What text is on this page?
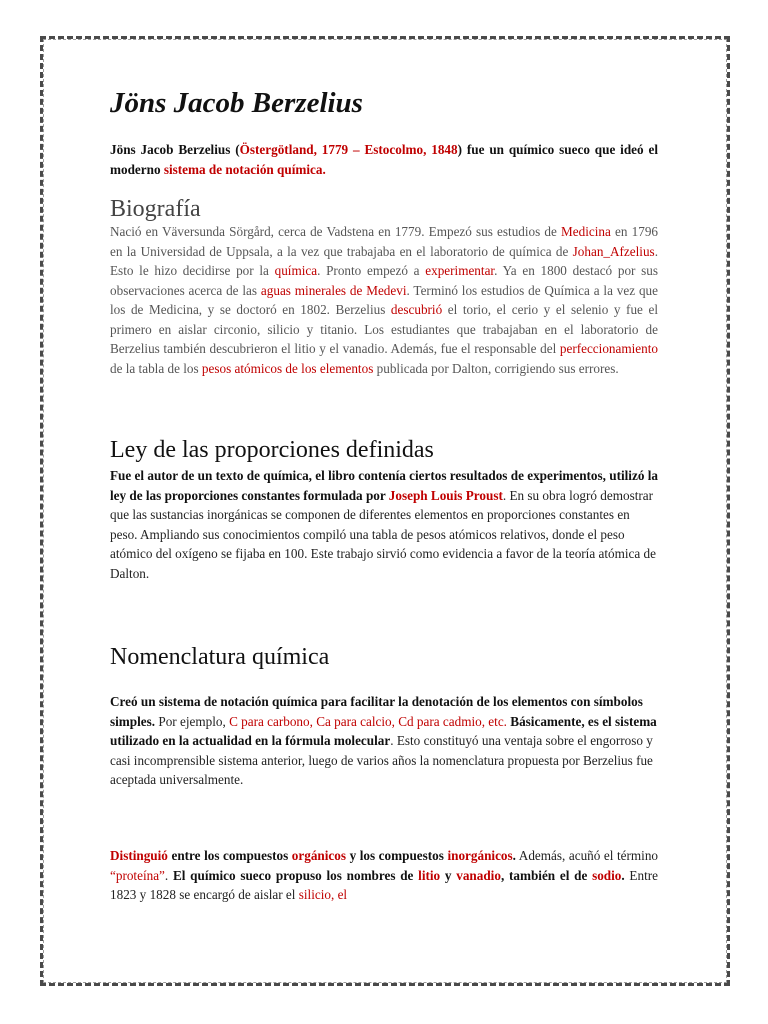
Jöns Jacob Berzelius

Jöns Jacob Berzelius (Östergötland, 1779 – Estocolmo, 1848) fue un químico sueco que ideó el moderno sistema de notación química.

Biografía

Nació en Väversunda Sörgård, cerca de Vadstena en 1779. Empezó sus estudios de Medicina en 1796 en la Universidad de Uppsala, a la vez que trabajaba en el laboratorio de química de Johan_Afzelius. Esto le hizo decidirse por la química. Pronto empezó a experimentar. Ya en 1800 destacó por sus observaciones acerca de las aguas minerales de Medevi. Terminó los estudios de Química a la vez que los de Medicina, y se doctoró en 1802. Berzelius descubrió el torio, el cerio y el selenio y fue el primero en aislar circonio, silicio y titanio. Los estudiantes que trabajaban en el laboratorio de Berzelius también descubrieron el litio y el vanadio. Además, fue el responsable del perfeccionamiento de la tabla de los pesos atómicos de los elementos publicada por Dalton, corrigiendo sus errores.

Ley de las proporciones definidas

Fue el autor de un texto de química, el libro contenía ciertos resultados de experimentos, utilizó la ley de las proporciones constantes formulada por Joseph Louis Proust. En su obra logró demostrar que las sustancias inorgánicas se componen de diferentes elementos en proporciones constantes en peso. Ampliando sus conocimientos compiló una tabla de pesos atómicos relativos, donde el peso atómico del oxígeno se fijaba en 100. Este trabajo sirvió como evidencia a favor de la teoría atómica de Dalton.

Nomenclatura química

Creó un sistema de notación química para facilitar la denotación de los elementos con símbolos simples. Por ejemplo, C para carbono, Ca para calcio, Cd para cadmio, etc. Básicamente, es el sistema utilizado en la actualidad en la fórmula molecular. Esto constituyó una ventaja sobre el engorroso y casi incomprensible sistema anterior, luego de varios años la nomenclatura propuesta por Berzelius fue aceptada universalmente.

Distinguió entre los compuestos orgánicos y los compuestos inorgánicos. Además, acuñó el término “proteína”. El químico sueco propuso los nombres de litio y vanadio, también el de sodio. Entre 1823 y 1828 se encargó de aislar el silicio, el
